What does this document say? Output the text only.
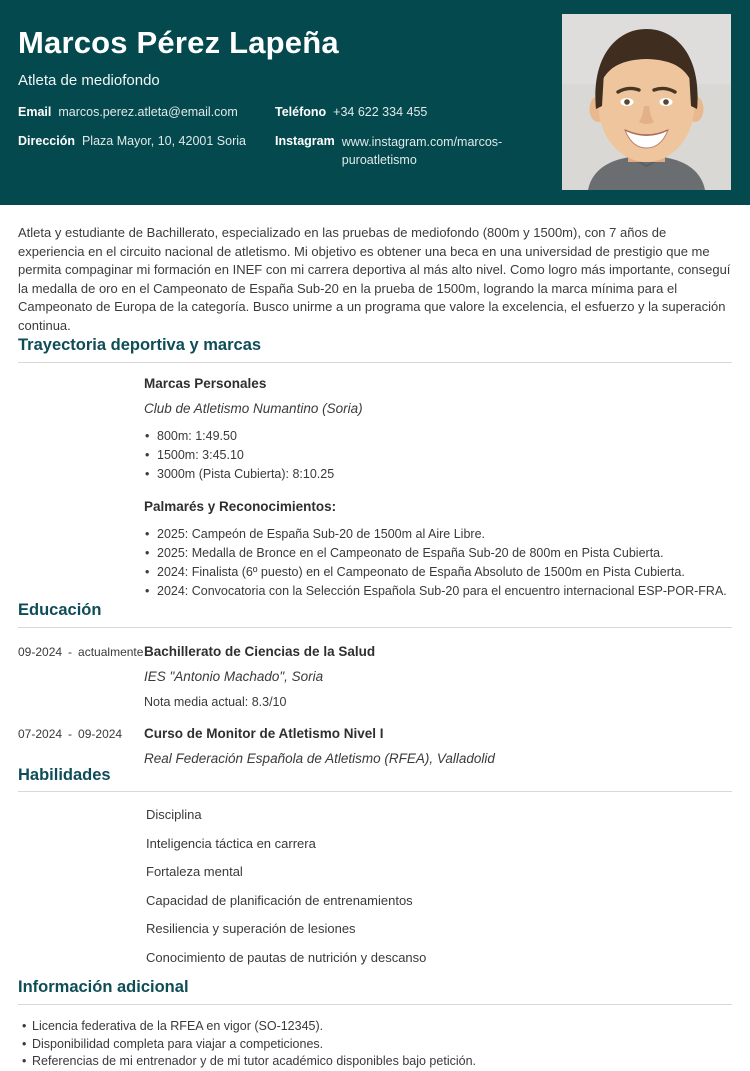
Marcos Pérez Lapeña
Atleta de mediofondo
Email marcos.perez.atleta@email.com	Teléfono +34 622 334 455
Dirección Plaza Mayor, 10, 42001 Soria Instagram www.instagram.com/marcos-puroatletismo

Atleta y estudiante de Bachillerato, especializado en las pruebas de mediofondo (800m y 1500m), con 7 años de experiencia en el circuito nacional de atletismo. Mi objetivo es obtener una beca en una universidad de prestigio que me permita compaginar mi formación en INEF con mi carrera deportiva al más alto nivel. Como logro más importante, conseguí la medalla de oro en el Campeonato de España Sub-20 en la prueba de 1500m, logrando la marca mínima para el Campeonato de Europa de la categoría. Busco unirme a un programa que valore la excelencia, el esfuerzo y la superación continua.

Trayectoria deportiva y marcas
Marcas Personales

Club de Atletismo Numantino (Soria)

• 800m: 1:49.50
• 1500m: 3:45.10
• 3000m (Pista Cubierta): 8:10.25
Palmarés y Reconocimientos:
• 2025: Campeón de España Sub-20 de 1500m al Aire Libre.
• 2025: Medalla de Bronce en el Campeonato de España Sub-20 de 800m en Pista Cubierta.
• 2024: Finalista (6º puesto) en el Campeonato de España Absoluto de 1500m en Pista Cubierta.
• 2024: Convocatoria con la Selección Española Sub-20 para el encuentro internacional ESP-POR-FRA.
Educación
09-2024 - actualmente Bachillerato de Ciencias de la Salud

IES "Antonio Machado", Soria

Nota media actual: 8.3/10

07-2024 - 09-2024 Curso de Monitor de Atletismo Nivel I

Real Federación Española de Atletismo (RFEA), Valladolid

Habilidades
Disciplina
Inteligencia táctica en carrera
Fortaleza mental
Capacidad de planificación de entrenamientos
Resiliencia y superación de lesiones
Conocimiento de pautas de nutrición y descanso
Información adicional
• Licencia federativa de la RFEA en vigor (SO-12345).
• Disponibilidad completa para viajar a competiciones.
• Referencias de mi entrenador y de mi tutor académico disponibles bajo petición.
